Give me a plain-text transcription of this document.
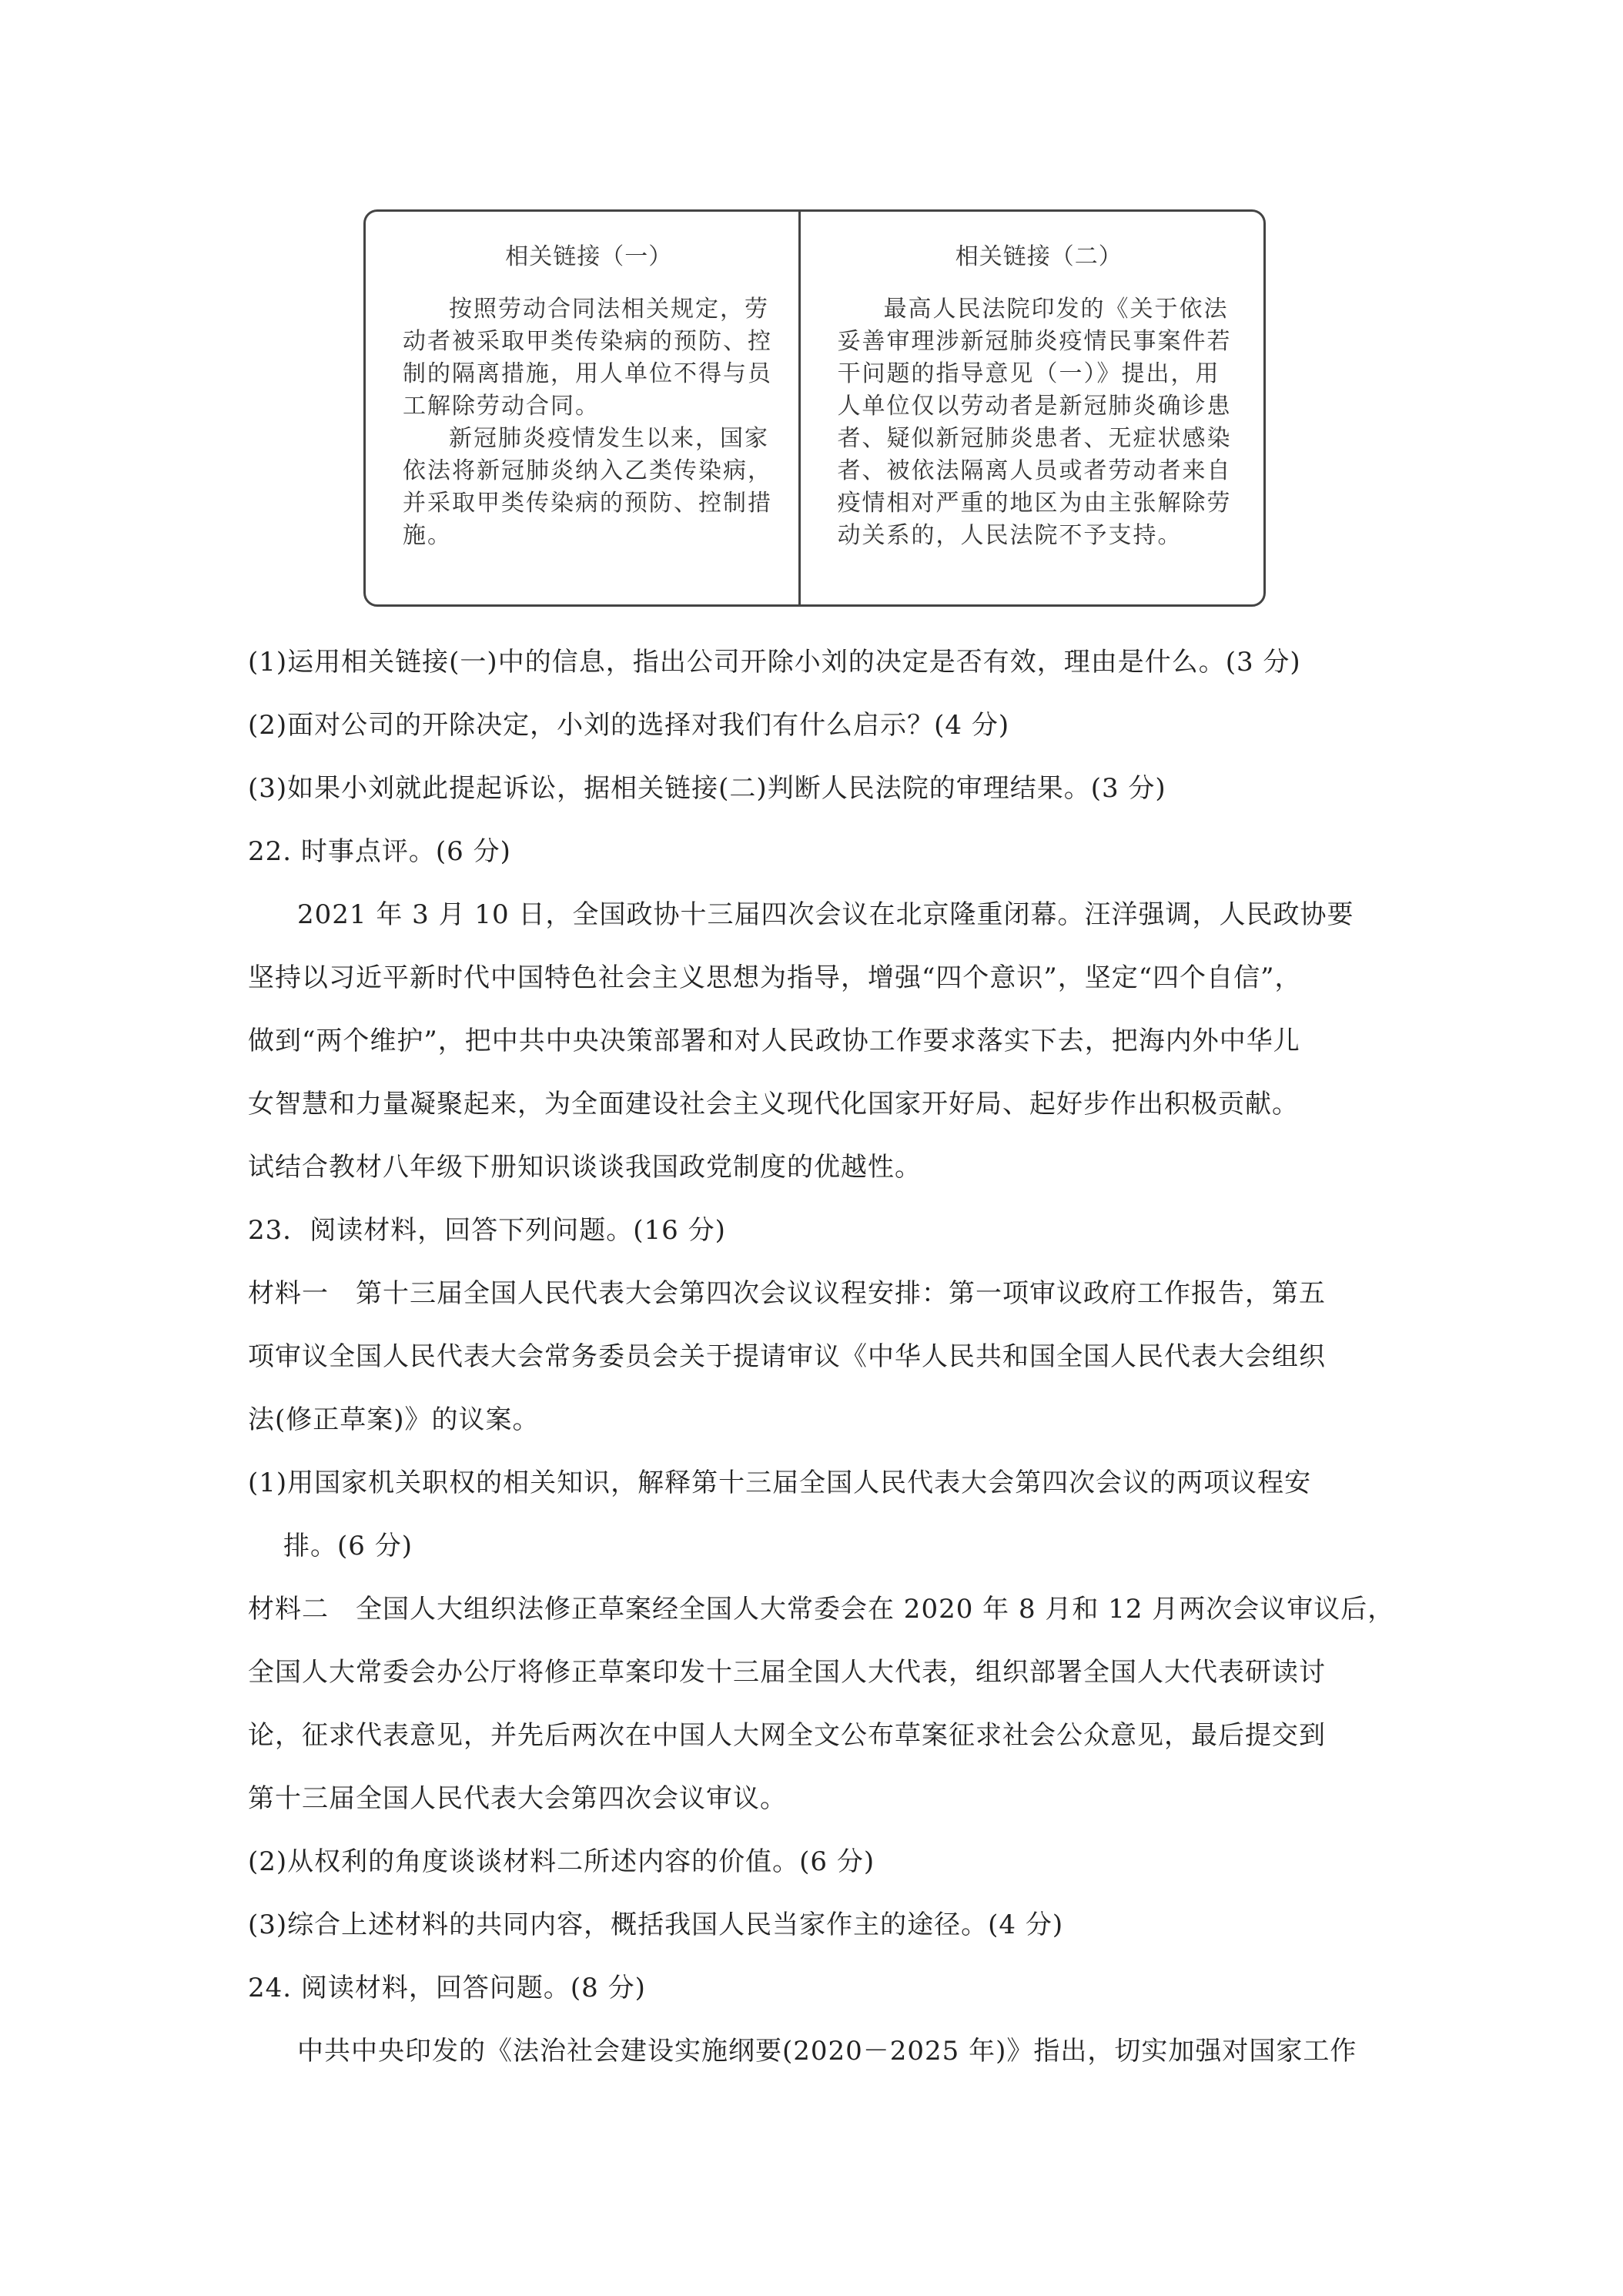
相关链接（一）

按照劳动合同法相关规定，劳动者被采取甲类传染病的预防、控制的隔离措施，用人单位不得与员工解除劳动合同。

新冠肺炎疫情发生以来，国家依法将新冠肺炎纳入乙类传染病，并采取甲类传染病的预防、控制措施。

相关链接（二）

最高人民法院印发的《关于依法妥善审理涉新冠肺炎疫情民事案件若干问题的指导意见（一）》提出，用人单位仅以劳动者是新冠肺炎确诊患者、疑似新冠肺炎患者、无症状感染者、被依法隔离人员或者劳动者来自疫情相对严重的地区为由主张解除劳动关系的，人民法院不予支持。

(1)运用相关链接(一)中的信息，指出公司开除小刘的决定是否有效，理由是什么。(3 分)
(2)面对公司的开除决定，小刘的选择对我们有什么启示？(4 分)
(3)如果小刘就此提起诉讼，据相关链接(二)判断人民法院的审理结果。(3 分)
22. 时事点评。(6 分)
2021 年 3 月 10 日，全国政协十三届四次会议在北京隆重闭幕。汪洋强调，人民政协要
坚持以习近平新时代中国特色社会主义思想为指导，增强“四个意识”，坚定“四个自信”，
做到“两个维护”，把中共中央决策部署和对人民政协工作要求落实下去，把海内外中华儿
女智慧和力量凝聚起来，为全面建设社会主义现代化国家开好局、起好步作出积极贡献。
试结合教材八年级下册知识谈谈我国政党制度的优越性。
23．阅读材料，回答下列问题。(16 分)
材料一　第十三届全国人民代表大会第四次会议议程安排：第一项审议政府工作报告，第五
项审议全国人民代表大会常务委员会关于提请审议《中华人民共和国全国人民代表大会组织
法(修正草案)》的议案。
(1)用国家机关职权的相关知识，解释第十三届全国人民代表大会第四次会议的两项议程安
排。(6 分)
材料二　全国人大组织法修正草案经全国人大常委会在 2020 年 8 月和 12 月两次会议审议后，
全国人大常委会办公厅将修正草案印发十三届全国人大代表，组织部署全国人大代表研读讨
论，征求代表意见，并先后两次在中国人大网全文公布草案征求社会公众意见，最后提交到
第十三届全国人民代表大会第四次会议审议。
(2)从权利的角度谈谈材料二所述内容的价值。(6 分)
(3)综合上述材料的共同内容，概括我国人民当家作主的途径。(4 分)
24. 阅读材料，回答问题。(8 分)
中共中央印发的《法治社会建设实施纲要(2020－2025 年)》指出，切实加强对国家工作
